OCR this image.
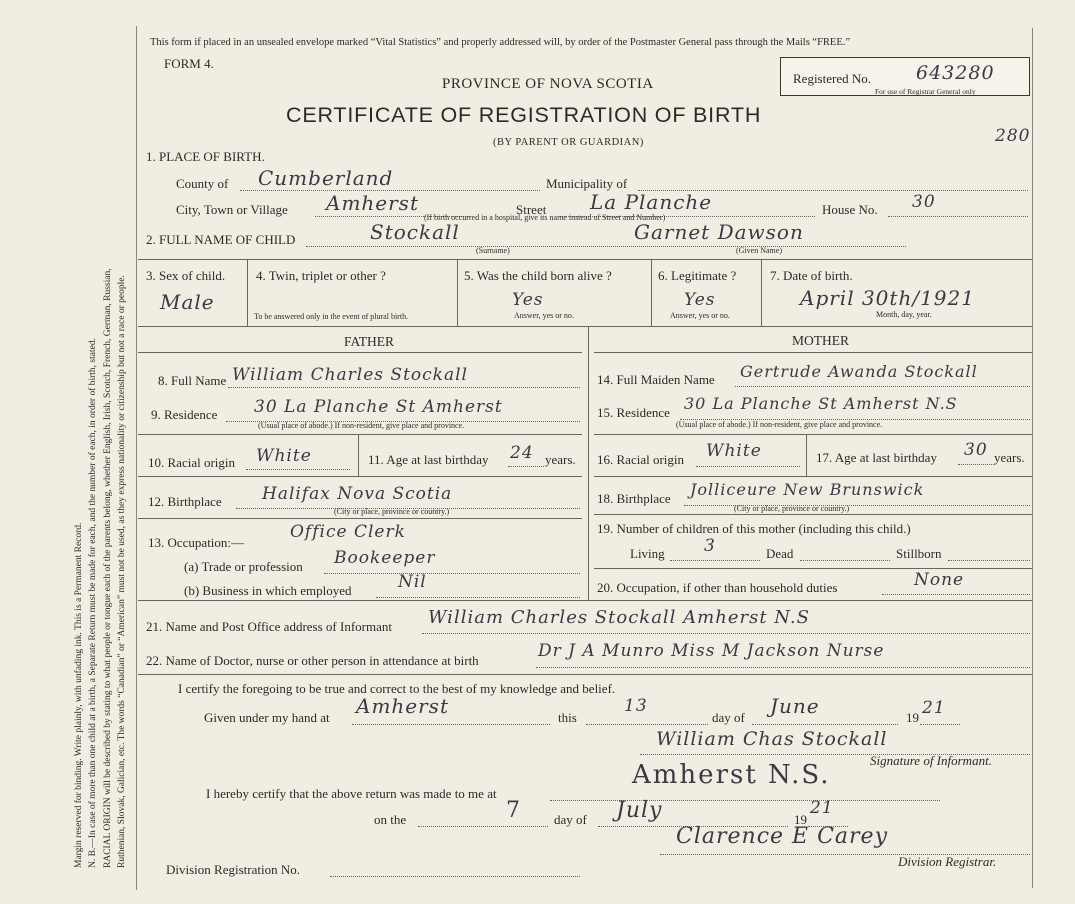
Margin reserved for binding. Write plainly, with unfading ink. This is a Permanent Record. N. B.—In case of more than one child at a birth, a Separate Return must be made for each, and the number of each, in order of birth, stated. RACIAL ORIGIN will be described by stating to what people or tongue each of the parents belong, whether English, Irish, Scotch, French, German, Russian, Ruthenian, Slovak, Galician, etc. The words “Canadian” or “American” must not be used, as they express nationality or citizenship but not a race or people.
This form if placed in an unsealed envelope marked “Vital Statistics” and properly addressed will, by order of the Postmaster General pass through the Mails “FREE.”
FORM 4.
PROVINCE OF NOVA SCOTIA
CERTIFICATE OF REGISTRATION OF BIRTH
(BY PARENT OR GUARDIAN)
Registered No. 643280
For use of Registrar General only
280
1. PLACE OF BIRTH.
County of Cumberland	Municipality of
City, Town or Village Amherst	Street La Planche	House No. 30
(If birth occurred in a hospital, give its name instead of Street and Number)
2. FULL NAME OF CHILD	Stockall	Garnet Dawson
(Surname)	(Given Name)
3. Sex of child.
Male
4. Twin, triplet or other ?
To be answered only in the event of plural birth.
5. Was the child born alive ?
Yes
Answer, yes or no.
6. Legitimate ?
Yes
Answer, yes or no.
7. Date of birth.
April 30th/1921
Month, day, year.
FATHER	MOTHER
8. Full Name William Charles Stockall
9. Residence 30 La Planche St Amherst
(Usual place of abode.) If non-resident, give place and province.
10. Racial origin White	11. Age at last birthday 24 years.
12. Birthplace Halifax Nova Scotia
(City or place, province or country.)
13. Occupation:—
Office Clerk
(a) Trade or profession Bookeeper
(b) Business in which employed	Nil
14. Full Maiden Name Gertrude Awanda Stockall
15. Residence 30 La Planche St Amherst N.S
(Usual place of abode.) If non-resident, give place and province.
16. Racial origin White	17. Age at last birthday 30 years.
18. Birthplace Jolliceure New Brunswick
(City or place, province or country.)
19. Number of children of this mother (including this child.)
Living 3	Dead	Stillborn
20. Occupation, if other than household duties	None
21. Name and Post Office address of Informant William Charles Stockall Amherst N.S
22. Name of Doctor, nurse or other person in attendance at birth	Dr J A Munro Miss M Jackson Nurse
I certify the foregoing to be true and correct to the best of my knowledge and belief.
Given under my hand at Amherst	this
13
day of June	19 21
William Chas Stockall
Signature of Informant.
I hereby certify that the above return was made to me at
Amherst N.S.
on the	7	day of July	19
21
Clarence E Carey
Division Registrar.
Division Registration No.
